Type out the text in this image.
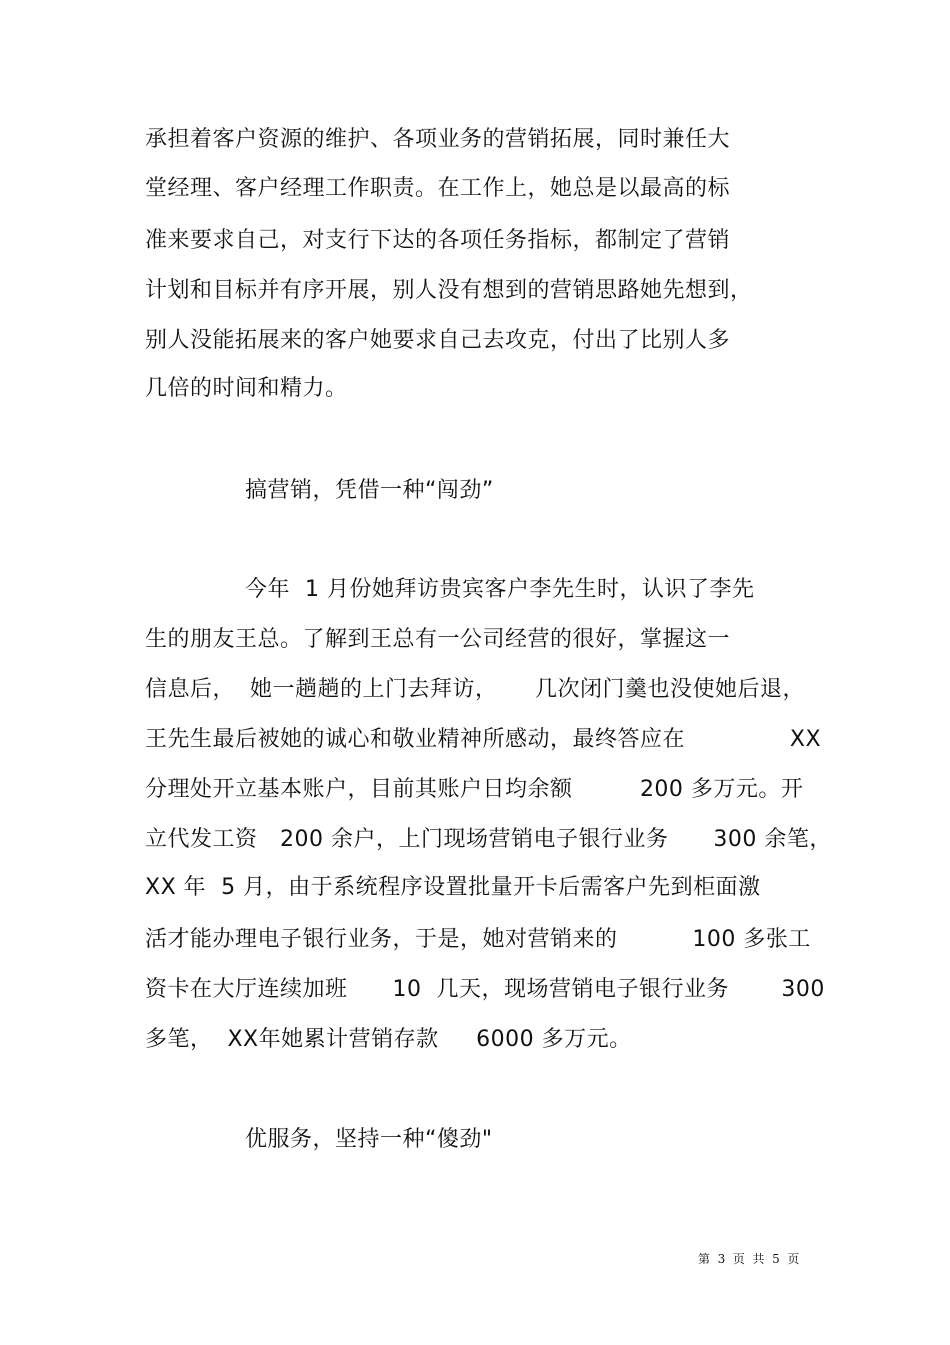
承担着客户资源的维护、各项业务的营销拓展，同时兼任大
堂经理、客户经理工作职责。在工作上，她总是以最高的标
准来要求自己，对支行下达的各项任务指标，都制定了营销
计划和目标并有序开展，别人没有想到的营销思路她先想到，
别人没能拓展来的客户她要求自己去攻克，付出了比别人多
几倍的时间和精力。
搞营销，凭借一种“闯劲”
今年  1 月份她拜访贵宾客户李先生时，认识了李先
生的朋友王总。了解到王总有一公司经营的很好，掌握这一
信息后，  她一趟趟的上门去拜访，     几次闭门羹也没使她后退，
王先生最后被她的诚心和敬业精神所感动，最终答应在              XX
分理处开立基本账户，目前其账户日均余额         200 多万元。开
立代发工资   200 余户，上门现场营销电子银行业务      300 余笔，
XX 年  5 月，由于系统程序设置批量开卡后需客户先到柜面激
活才能办理电子银行业务，于是，她对营销来的          100 多张工
资卡在大厅连续加班      10  几天，现场营销电子银行业务       300
多笔，  XX年她累计营销存款     6000 多万元。
优服务，坚持一种“傻劲"
第  3  页  共  5  页
